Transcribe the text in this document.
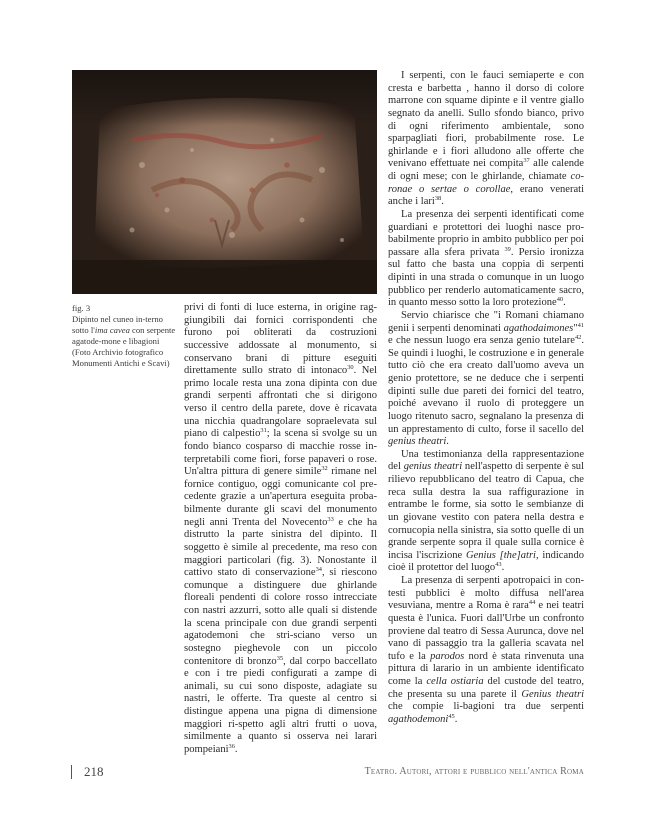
fig. 3
Dipinto nel cuneo in-terno sotto l'ima cavea con serpente agatode-mone e libagioni (Foto Archivio fotografico Monumenti Antichi e Scavi)

privi di fonti di luce esterna, in origine rag-giungibili dai fornici corrispondenti che furono poi obliterati da costruzioni successive addossate al monumento, si conservano brani di pitture eseguiti direttamente sullo strato di intonaco$^{30}$. Nel primo locale resta una zona dipinta con due grandi serpenti affrontati che si dirigono verso il centro della parete, dove è ricavata una nicchia quadrangolare sopraelevata sul piano di calpestio$^{31}$; la scena si svolge su un fondo bianco cosparso di macchie rosse in-terpretabili come fiori, forse papaveri o rose. Un'altra pittura di genere simile$^{32}$ rimane nel fornice contiguo, oggi comunicante col pre-cedente grazie a un'apertura eseguita proba-bilmente durante gli scavi del monumento negli anni Trenta del Novecento$^{33}$ e che ha distrutto la parte sinistra del dipinto. Il soggetto è simile al precedente, ma reso con maggiori particolari (fig. 3). Nonostante il cattivo stato di conservazione$^{34}$, si riescono comunque a distinguere due ghirlande floreali pendenti di colore rosso intrecciate con nastri azzurri, sotto alle quali si distende la scena principale con due grandi serpenti agatodemoni che stri-sciano verso un sostegno pieghevole con un piccolo contenitore di bronzo$^{35}$, dal corpo baccellato e con i tre piedi configurati a zampe di animali, su cui sono disposte, adagiate su nastri, le offerte. Tra queste al centro si distingue appena una pigna di dimensione maggiori ri-spetto agli altri frutti o uova, similmente a quanto si osserva nei larari pompeiani$^{36}$.

I serpenti, con le fauci semiaperte e con cresta e barbetta , hanno il dorso di colore marrone con squame dipinte e il ventre giallo segnato da anelli. Sullo sfondo bianco, privo di ogni riferimento ambientale, sono sparpagliati fiori, probabilmente rose. Le ghirlande e i fiori alludono alle offerte che venivano effettuate nei compita$^{37}$ alle calende di ogni mese; con le ghirlande, chiamate co-ronae o sertae o corollae, erano venerati anche i lari$^{38}$.

La presenza dei serpenti identificati come guardiani e protettori dei luoghi nasce pro-babilmente proprio in ambito pubblico per poi passare alla sfera privata $^{39}$. Persio ironizza sul fatto che basta una coppia di serpenti dipinti in una strada o comunque in un luogo pubblico per renderlo automaticamente sacro, in quanto messo sotto la loro protezione$^{40}$.

Servio chiarisce che "i Romani chiamano genii i serpenti denominati agathodaimones"$^{41}$ e che nessun luogo era senza genio tutelare$^{42}$. Se quindi i luoghi, le costruzione e in generale tutto ciò che era creato dall'uomo aveva un genio protettore, se ne deduce che i serpenti dipinti sulle due pareti dei fornici del teatro, poiché avevano il ruolo di proteggere un luogo ritenuto sacro, segnalano la presenza di un apprestamento di culto, forse il sacello del genius theatri.

Una testimonianza della rappresentazione del genius theatri nell'aspetto di serpente è sul rilievo repubblicano del teatro di Capua, che reca sulla destra la sua raffigurazione in entrambe le forme, sia sotto le sembianze di un giovane vestito con patera nella destra e cornucopia nella sinistra, sia sotto quelle di un grande serpente sopra il quale sulla cornice è incisa l'iscrizione Genius [the]atri, indicando cioè il protettor del luogo$^{43}$.

La presenza di serpenti apotropaici in con-testi pubblici è molto diffusa nell'area vesuviana, mentre a Roma è rara$^{44}$ e nei teatri questa è l'unica. Fuori dall'Urbe un confronto proviene dal teatro di Sessa Aurunca, dove nel vano di passaggio tra la galleria scavata nel tufo e la parodos nord è stata rinvenuta una pittura di larario in un ambiente identificato come la cella ostiaria del custode del teatro, che presenta su una parete il Genius theatri che compie li-bagioni tra due serpenti agathodemoni$^{45}$.

218	Teatro. Autori, attori e pubblico nell'antica Roma
